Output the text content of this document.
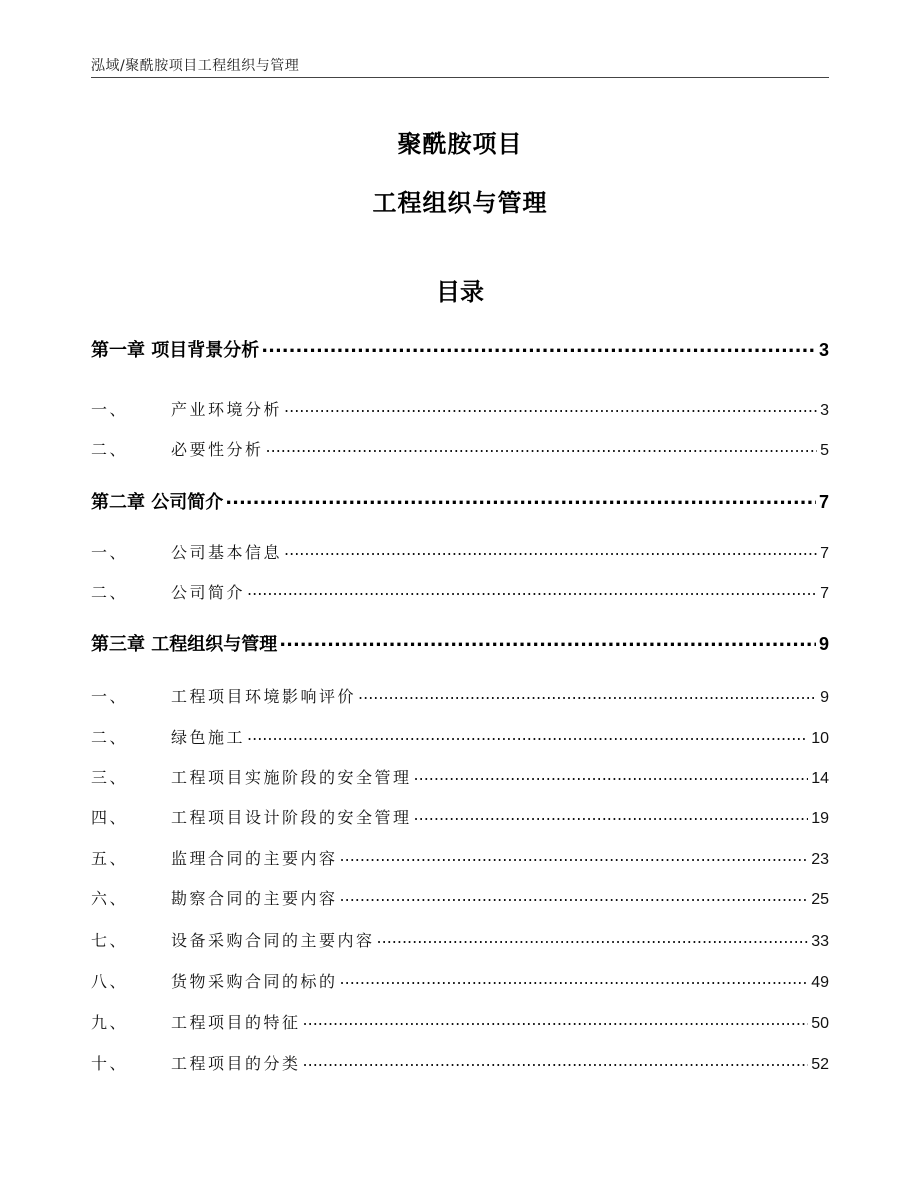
泓域/聚酰胺项目工程组织与管理
聚酰胺项目
工程组织与管理
目录
第一章 项目背景分析 .....	3
一、	产业环境分析 .....	3
二、	必要性分析 .....	5
第二章 公司简介 .....	7
一、	公司基本信息 .....	7
二、	公司简介 .....	7
第三章 工程组织与管理 .....	9
一、	工程项目环境影响评价 .....	9
二、	绿色施工 .....	10
三、	工程项目实施阶段的安全管理 .....	14
四、	工程项目设计阶段的安全管理 .....	19
五、	监理合同的主要内容 .....	23
六、	勘察合同的主要内容 .....	25
七、	设备采购合同的主要内容 .....	33
八、	货物采购合同的标的 .....	49
九、	工程项目的特征 .....	50
十、	工程项目的分类 .....	52
